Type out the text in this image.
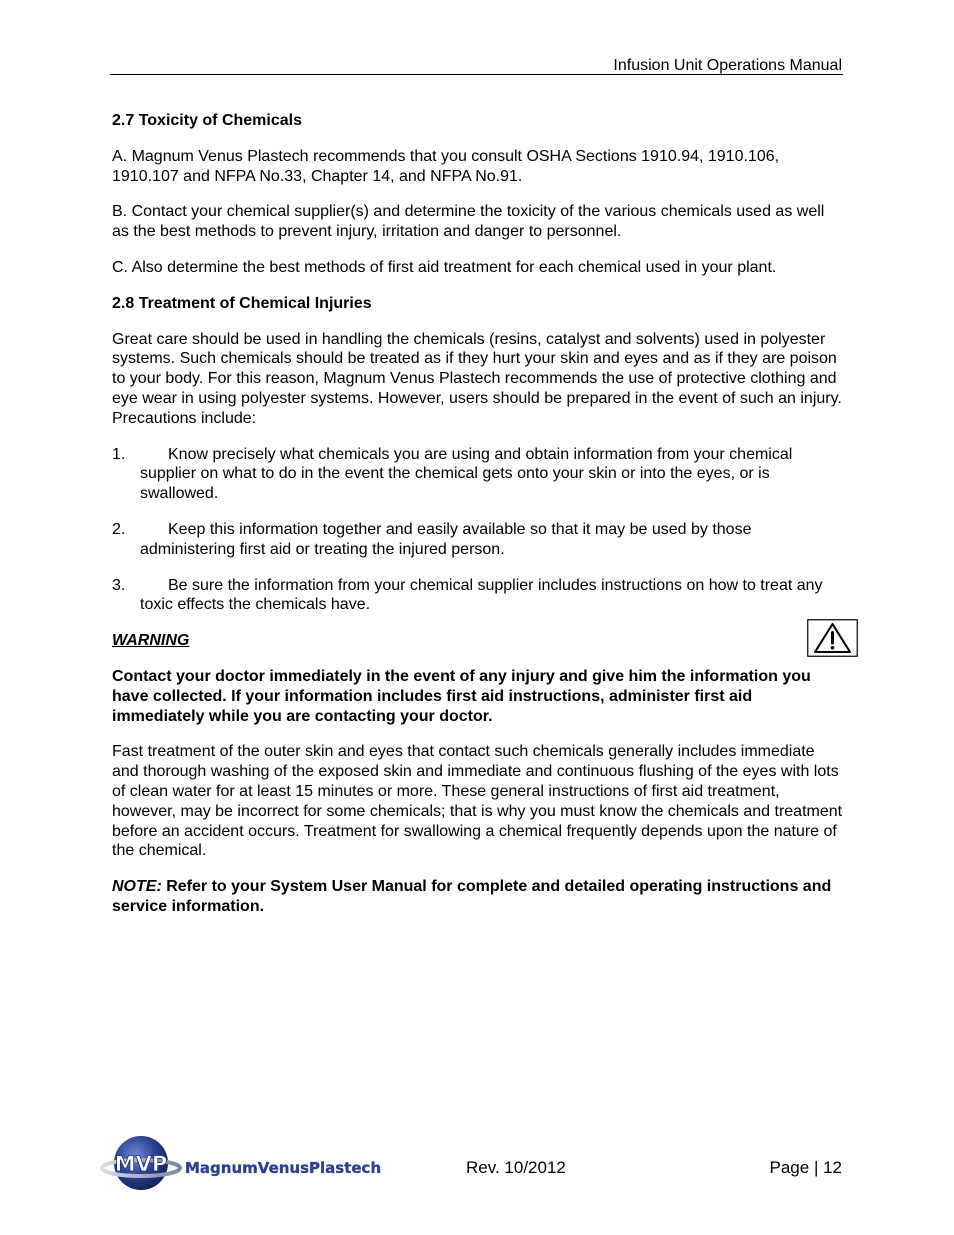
Infusion Unit Operations Manual
2.7 Toxicity of Chemicals

A. Magnum Venus Plastech recommends that you consult OSHA Sections 1910.94, 1910.106, 1910.107 and NFPA No.33, Chapter 14, and NFPA No.91.

B. Contact your chemical supplier(s) and determine the toxicity of the various chemicals used as well as the best methods to prevent injury, irritation and danger to personnel.

C. Also determine the best methods of first aid treatment for each chemical used in your plant.

2.8 Treatment of Chemical Injuries

Great care should be used in handling the chemicals (resins, catalyst and solvents) used in polyester systems. Such chemicals should be treated as if they hurt your skin and eyes and as if they are poison to your body. For this reason, Magnum Venus Plastech recommends the use of protective clothing and eye wear in using polyester systems. However, users should be prepared in the event of such an injury. Precautions include:

1.	Know precisely what chemicals you are using and obtain information from your chemical supplier on what to do in the event the chemical gets onto your skin or into the eyes, or is swallowed.
2.	Keep this information together and easily available so that it may be used by those administering first aid or treating the injured person.
3.	Be sure the information from your chemical supplier includes instructions on how to treat any toxic effects the chemicals have.
WARNING

Contact your doctor immediately in the event of any injury and give him the information you have collected. If your information includes first aid instructions, administer first aid immediately while you are contacting your doctor.

Fast treatment of the outer skin and eyes that contact such chemicals generally includes immediate and thorough washing of the exposed skin and immediate and continuous flushing of the eyes with lots of clean water for at least 15 minutes or more. These general instructions of first aid treatment, however, may be incorrect for some chemicals; that is why you must know the chemicals and treatment before an accident occurs. Treatment for swallowing a chemical frequently depends upon the nature of the chemical.

NOTE: Refer to your System User Manual for complete and detailed operating instructions and service information.

MVP MagnumVenusPlastech	Rev. 10/2012	Page | 12
